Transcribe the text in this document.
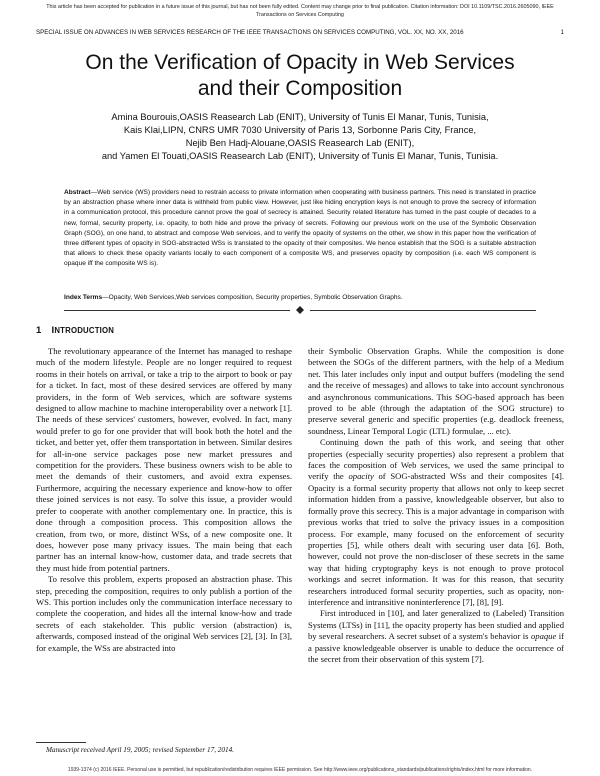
This article has been accepted for publication in a future issue of this journal, but has not been fully edited. Content may change prior to final publication. Citation information: DOI 10.1109/TSC.2016.2605090, IEEE
Transactions on Services Computing
SPECIAL ISSUE ON ADVANCES IN WEB SERVICES RESEARCH OF THE IEEE TRANSACTIONS ON SERVICES COMPUTING, VOL. XX, NO. XX, 2016	1
On the Verification of Opacity in Web Services
and their Composition
Amina Bourouis,OASIS Reasearch Lab (ENIT), University of Tunis El Manar, Tunis, Tunisia,
Kais Klai,LIPN, CNRS UMR 7030 University of Paris 13, Sorbonne Paris City, France,
Nejib Ben Hadj-Alouane,OASIS Reasearch Lab (ENIT),
and Yamen El Touati,OASIS Reasearch Lab (ENIT), University of Tunis El Manar, Tunis, Tunisia.
Abstract—Web service (WS) providers need to restrain access to private information when cooperating with business partners. This need is translated in practice by an abstraction phase where inner data is withheld from public view. However, just like hiding encryption keys is not enough to prove the secrecy of information in a communication protocol, this procedure cannot prove the goal of secrecy is attained. Security related literature has turned in the past couple of decades to a new, formal, security property, i.e. opacity, to both hide and prove the privacy of secrets. Following our previous work on the use of the Symbolic Observation Graph (SOG), on one hand, to abstract and compose Web services, and to verify the opacity of systems on the other, we show in this paper how the verification of three different types of opacity in SOG-abstracted WSs is translated to the opacity of their composites. We hence establish that the SOG is a suitable abstraction that allows to check these opacity variants locally to each component of a composite WS, and preserves opacity by composition (i.e. each WS component is opaque iff the composite WS is).
Index Terms—Opacity, Web Services,Web services composition, Security properties, Symbolic Observation Graphs.
1 INTRODUCTION

The revolutionary appearance of the Internet has managed to reshape much of the modern lifestyle. People are no longer required to request rooms in their hotels on arrival, or take a trip to the airport to book or pay for a ticket. In fact, most of these desired services are offered by many providers, in the form of Web services, which are software systems designed to allow machine to machine interoperability over a network [1]. The needs of these services' customers, however, evolved. In fact, many would prefer to go for one provider that will book both the hotel and the ticket, and better yet, offer them transportation in between. Similar desires for all-in-one service packages pose new market pressures and competition for the providers. These business owners wish to be able to meet the demands of their customers, and avoid extra expenses. Furthermore, acquiring the necessary experience and know-how to offer these joined services is not easy. To solve this issue, a provider would prefer to cooperate with another complementary one. In practice, this is done through a composition process. This composition allows the creation, from two, or more, distinct WSs, of a new composite one. It does, however pose many privacy issues. The main being that each partner has an internal know-how, customer data, and trade secrets that they must hide from potential partners.

To resolve this problem, experts proposed an abstraction phase. This step, preceding the composition, requires to only publish a portion of the WS. This portion includes only the communication interface necessary to complete the cooperation, and hides all the internal know-how and trade secrets of each stakeholder. This public version (abstraction) is, afterwards, composed instead of the original Web services [2], [3]. In [3], for example, the WSs are abstracted into

their Symbolic Observation Graphs. While the composition is done between the SOGs of the different partners, with the help of a Medium net. This later includes only input and output buffers (modeling the send and the receive of messages) and allows to take into account synchronous and asynchronous communications. This SOG-based approach has been proved to be able (through the adaptation of the SOG structure) to preserve several generic and specific properties (e.g. deadlock freeness, soundness, Linear Temporal Logic (LTL) formulae, ... etc).

Continuing down the path of this work, and seeing that other properties (especially security properties) also represent a problem that faces the composition of Web services, we used the same principal to verify the opacity of SOG-abstracted WSs and their composites [4]. Opacity is a formal security property that allows not only to keep secret information hidden from a passive, knowledgeable observer, but also to formally prove this secrecy. This is a major advantage in comparison with previous works that tried to solve the privacy issues in a composition process. For example, many focused on the enforcement of security properties [5], while others dealt with securing user data [6]. Both, however, could not prove the non-discloser of these secrets in the same way that hiding cryptography keys is not enough to prove protocol workings and secret information. It was for this reason, that security researchers introduced formal security properties, such as opacity, non-interference and intransitive noninterference [7], [8], [9].

First introduced in [10], and later generalized to (Labeled) Transition Systems (LTSs) in [11], the opacity property has been studied and applied by several researchers. A secret subset of a system's behavior is opaque if a passive knowledgeable observer is unable to deduce the occurrence of the secret from their observation of this system [7].

Manuscript received April 19, 2005; revised September 17, 2014.
1939-1374 (c) 2016 IEEE. Personal use is permitted, but republication/redistribution requires IEEE permission. See http://www.ieee.org/publications_standards/publications/rights/index.html for more information.
